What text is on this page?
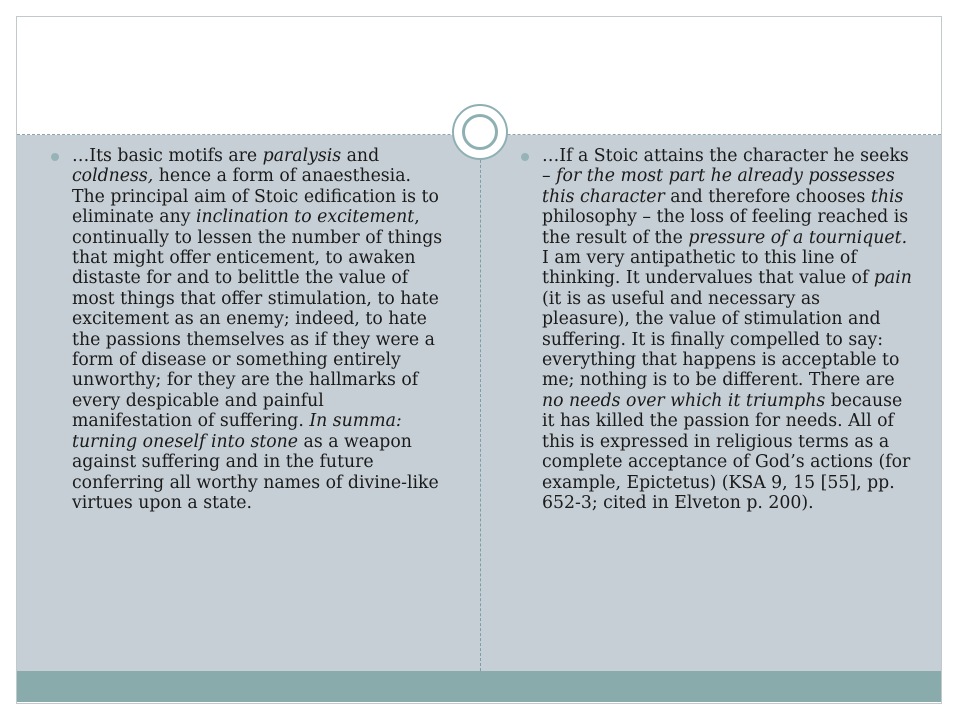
…Its basic motifs are paralysis and coldness, hence a form of anaesthesia. The principal aim of Stoic edification is to eliminate any inclination to excitement, continually to lessen the number of things that might offer enticement, to awaken distaste for and to belittle the value of most things that offer stimulation, to hate excitement as an enemy; indeed, to hate the passions themselves as if they were a form of disease or something entirely unworthy; for they are the hallmarks of every despicable and painful manifestation of suffering. In summa: turning oneself into stone as a weapon against suffering and in the future conferring all worthy names of divine-like virtues upon a state.

…If a Stoic attains the character he seeks – for the most part he already possesses this character and therefore chooses this philosophy – the loss of feeling reached is the result of the pressure of a tourniquet. I am very antipathetic to this line of thinking. It undervalues that value of pain (it is as useful and necessary as pleasure), the value of stimulation and suffering. It is finally compelled to say: everything that happens is acceptable to me; nothing is to be different. There are no needs over which it triumphs because it has killed the passion for needs. All of this is expressed in religious terms as a complete acceptance of God’s actions (for example, Epictetus) (KSA 9, 15 [55], pp. 652-3; cited in Elveton p. 200).
